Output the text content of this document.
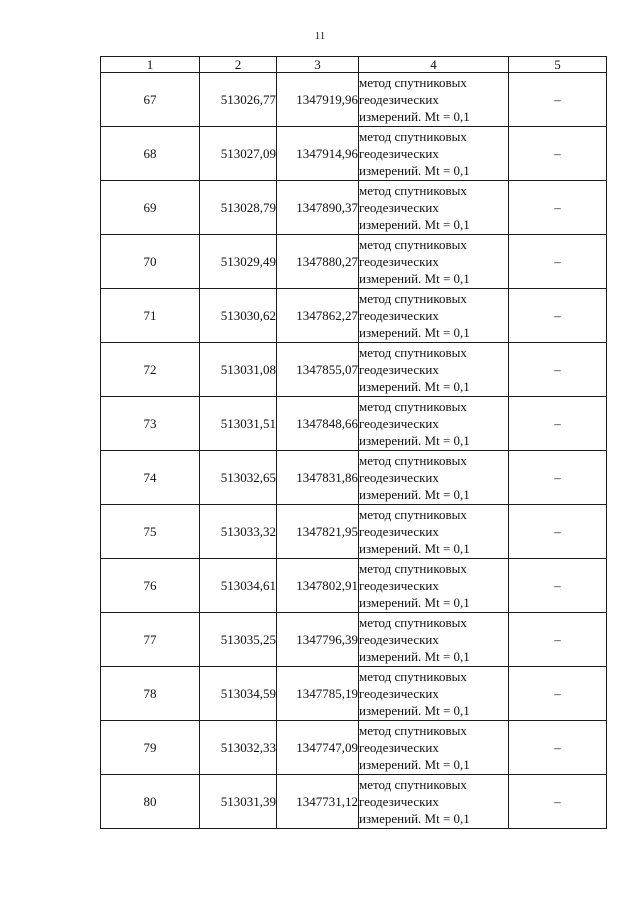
11
1	2	3	4	5
67	513026,77	1347919,96	метод спутниковых
геодезических
измерений. Mt = 0,1	–
68	513027,09	1347914,96	метод спутниковых
геодезических
измерений. Mt = 0,1	–
69	513028,79	1347890,37	метод спутниковых
геодезических
измерений. Mt = 0,1	–
70	513029,49	1347880,27	метод спутниковых
геодезических
измерений. Mt = 0,1	–
71	513030,62	1347862,27	метод спутниковых
геодезических
измерений. Mt = 0,1	–
72	513031,08	1347855,07	метод спутниковых
геодезических
измерений. Mt = 0,1	–
73	513031,51	1347848,66	метод спутниковых
геодезических
измерений. Mt = 0,1	–
74	513032,65	1347831,86	метод спутниковых
геодезических
измерений. Mt = 0,1	–
75	513033,32	1347821,95	метод спутниковых
геодезических
измерений. Mt = 0,1	–
76	513034,61	1347802,91	метод спутниковых
геодезических
измерений. Mt = 0,1	–
77	513035,25	1347796,39	метод спутниковых
геодезических
измерений. Mt = 0,1	–
78	513034,59	1347785,19	метод спутниковых
геодезических
измерений. Mt = 0,1	–
79	513032,33	1347747,09	метод спутниковых
геодезических
измерений. Mt = 0,1	–
80	513031,39	1347731,12	метод спутниковых
геодезических
измерений. Mt = 0,1	–
